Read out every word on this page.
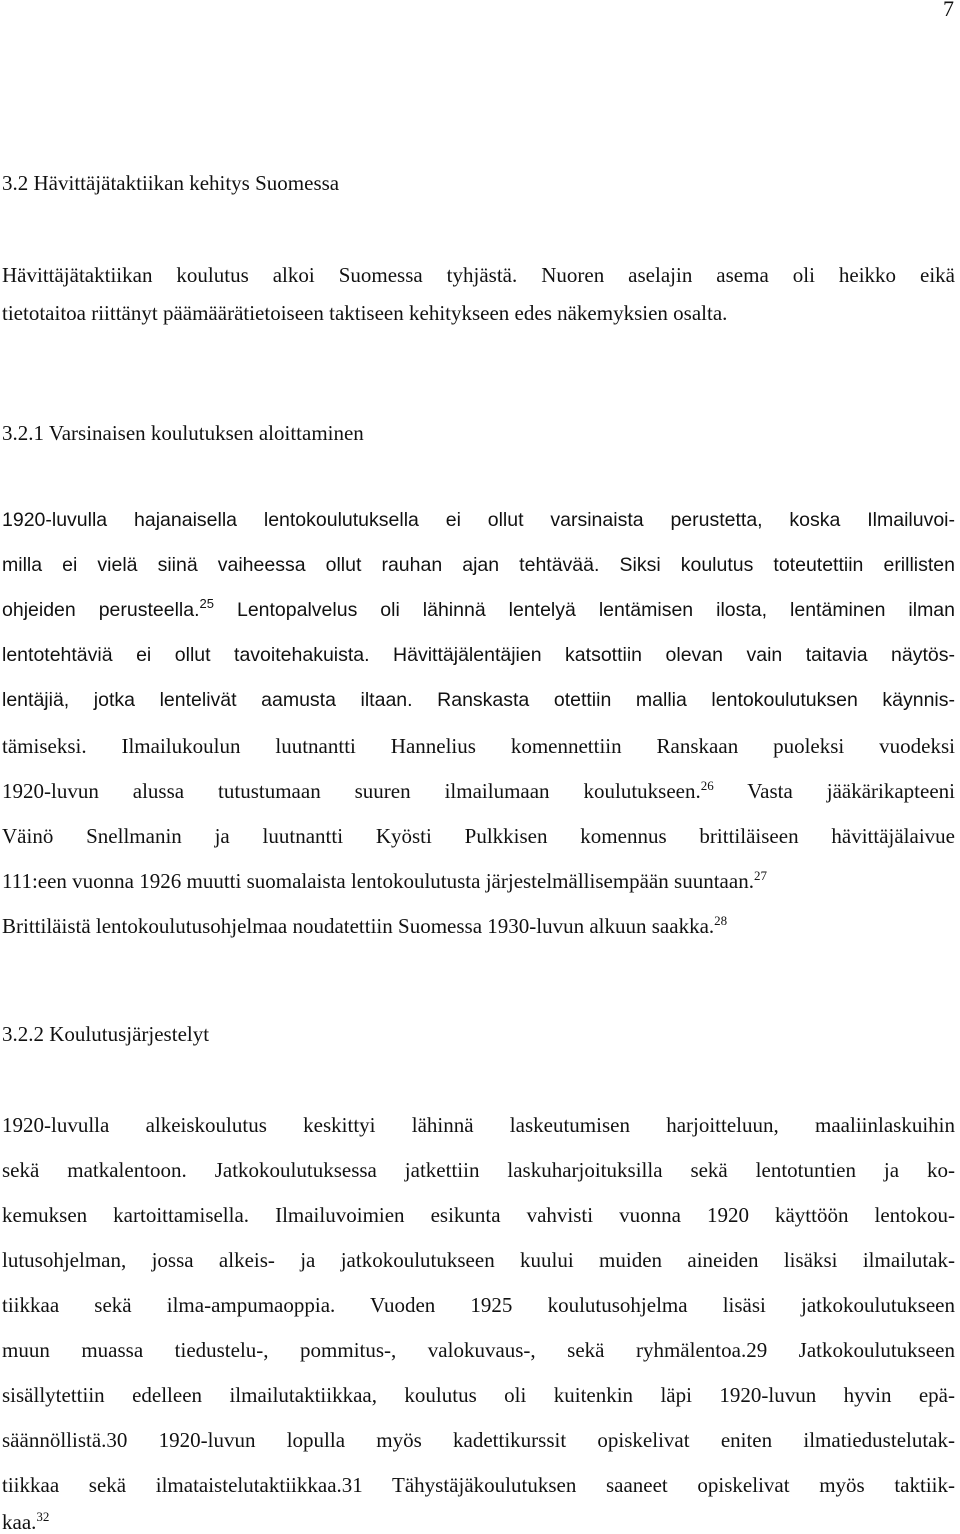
7
3.2 Hävittäjätaktiikan kehitys Suomessa
Hävittäjätaktiikan koulutus alkoi Suomessa tyhjästä. Nuoren aselajin asema oli heikko eikä
tietotaitoa riittänyt päämäärätietoiseen taktiseen kehitykseen edes näkemyksien osalta.
3.2.1 Varsinaisen koulutuksen aloittaminen
1920-luvulla hajanaisella lentokoulutuksella ei ollut varsinaista perustetta, koska Ilmailuvoi-
milla ei vielä siinä vaiheessa ollut rauhan ajan tehtävää. Siksi koulutus toteutettiin erillisten
ohjeiden perusteella.$^{25}$ Lentopalvelus oli lähinnä lentelyä lentämisen ilosta, lentäminen ilman
lentotehtäviä ei ollut tavoitehakuista. Hävittäjälentäjien katsottiin olevan vain taitavia näytös-
lentäjiä, jotka lentelivät aamusta iltaan. Ranskasta otettiin mallia lentokoulutuksen käynnis-
tämiseksi. Ilmailukoulun luutnantti Hannelius komennettiin Ranskaan puoleksi vuodeksi
1920-luvun alussa tutustumaan suuren ilmailumaan koulutukseen.$^{26}$ Vasta jääkärikapteeni
Väinö Snellmanin ja luutnantti Kyösti Pulkkisen komennus brittiläiseen hävittäjälaivue
111:een vuonna 1926 muutti suomalaista lentokoulutusta järjestelmällisempään suuntaan.$^{27}$
Brittiläistä lentokoulutusohjelmaa noudatettiin Suomessa 1930-luvun alkuun saakka.$^{28}$
3.2.2 Koulutusjärjestelyt
1920-luvulla alkeiskoulutus keskittyi lähinnä laskeutumisen harjoitteluun, maaliinlaskuihin
sekä matkalentoon. Jatkokoulutuksessa jatkettiin laskuharjoituksilla sekä lentotuntien ja ko-
kemuksen kartoittamisella. Ilmailuvoimien esikunta vahvisti vuonna 1920 käyttöön lentokou-
lutusohjelman, jossa alkeis- ja jatkokoulutukseen kuului muiden aineiden lisäksi ilmailutak-
tiikkaa sekä ilma-ampumaoppia. Vuoden 1925 koulutusohjelma lisäsi jatkokoulutukseen
muun muassa tiedustelu-, pommitus-, valokuvaus-, sekä ryhmälentoa.29 Jatkokoulutukseen
sisällytettiin edelleen ilmailutaktiikkaa, koulutus oli kuitenkin läpi 1920-luvun hyvin epä-
säännöllistä.30 1920-luvun lopulla myös kadettikurssit opiskelivat eniten ilmatiedustelutak-
tiikkaa sekä ilmataistelutaktiikkaa.31 Tähystäjäkoulutuksen saaneet opiskelivat myös taktiik-
kaa.$^{32}$
